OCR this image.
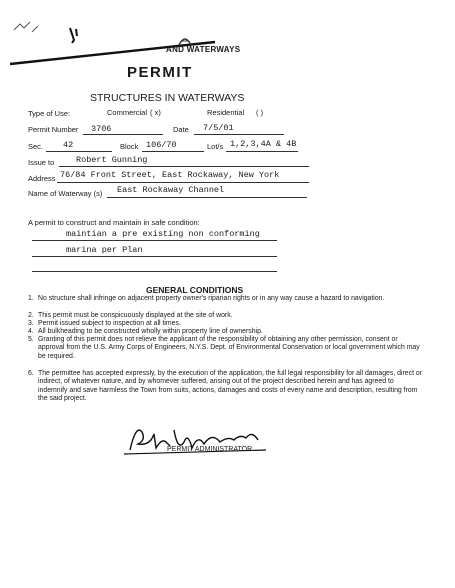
AND WATERWAYS
PERMIT
STRUCTURES IN WATERWAYS
Type of Use:	Commercial ( x)	Residential ( )
Permit Number 3706	Date 7/5/01
Sec. 42	Block 106/70	Lot/s 1,2,3,4A & 4B
Issue to	Robert Gunning
Address 76/84 Front Street, East Rockaway, New York
Name of Waterway (s) East Rockaway Channel
A permit to construct and maintain in safe condition:
maintian a pre existing non conforming
marina per Plan
GENERAL CONDITIONS
1. No structure shall infringe on adjacent property owner's riparian rights or in any way cause a hazard to navigation.
2. This permit must be conspicuously displayed at the site of work.
3. Permit issued subject to inspection at all times.
4. All bulkheading to be constructed wholly within property line of ownership.
5. Granting of this permit does not relieve the applicant of the responsibility of obtaining any other permission, consent or approval from the U.S. Army Corps of Engineers, N.Y.S. Dept. of Environmental Conservation or local government which may be required.
6. The permittee has accepted expressly, by the execution of the application, the full legal responsibility for all damages, direct or indirect, of whatever nature, and by whomever suffered, arising out of the project described herein and has agreed to indemnify and save harmless the Town from suits, actions, damages and costs of every name and description, resulting from the said project.
PERMIT ADMINISTRATOR
